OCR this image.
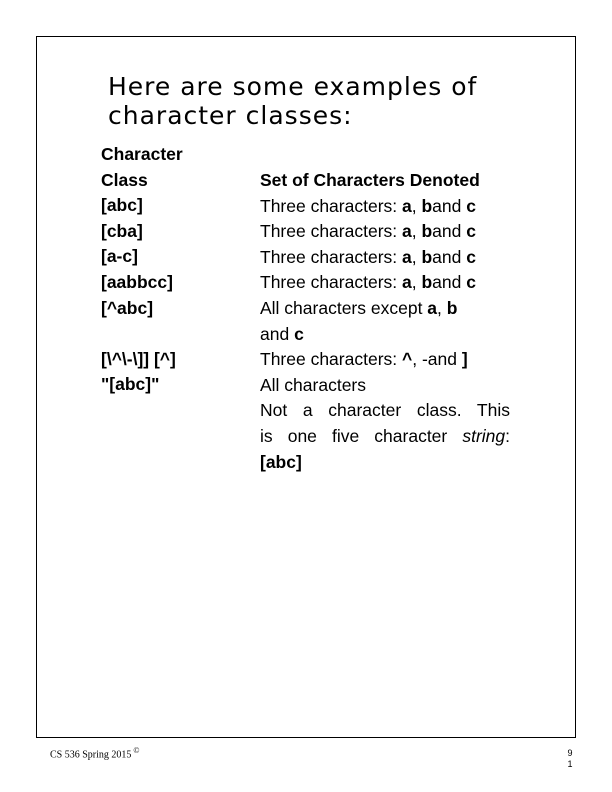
Here are some examples of
character classes:
Character
Class
[abc]
[cba]
[a-c]
[aabbcc]
[^abc]
[\^\-\]] [^]
"[abc]"
Set of Characters Denoted
Three characters: a, band c
Three characters: a, band c
Three characters: a, band c
Three characters: a, band c
All characters except a, b
and c
Three characters: ^, -and ]
All characters
Not a character class. This
is one five character string:
[abc]
CS 536 Spring 2015 ©	9
1
